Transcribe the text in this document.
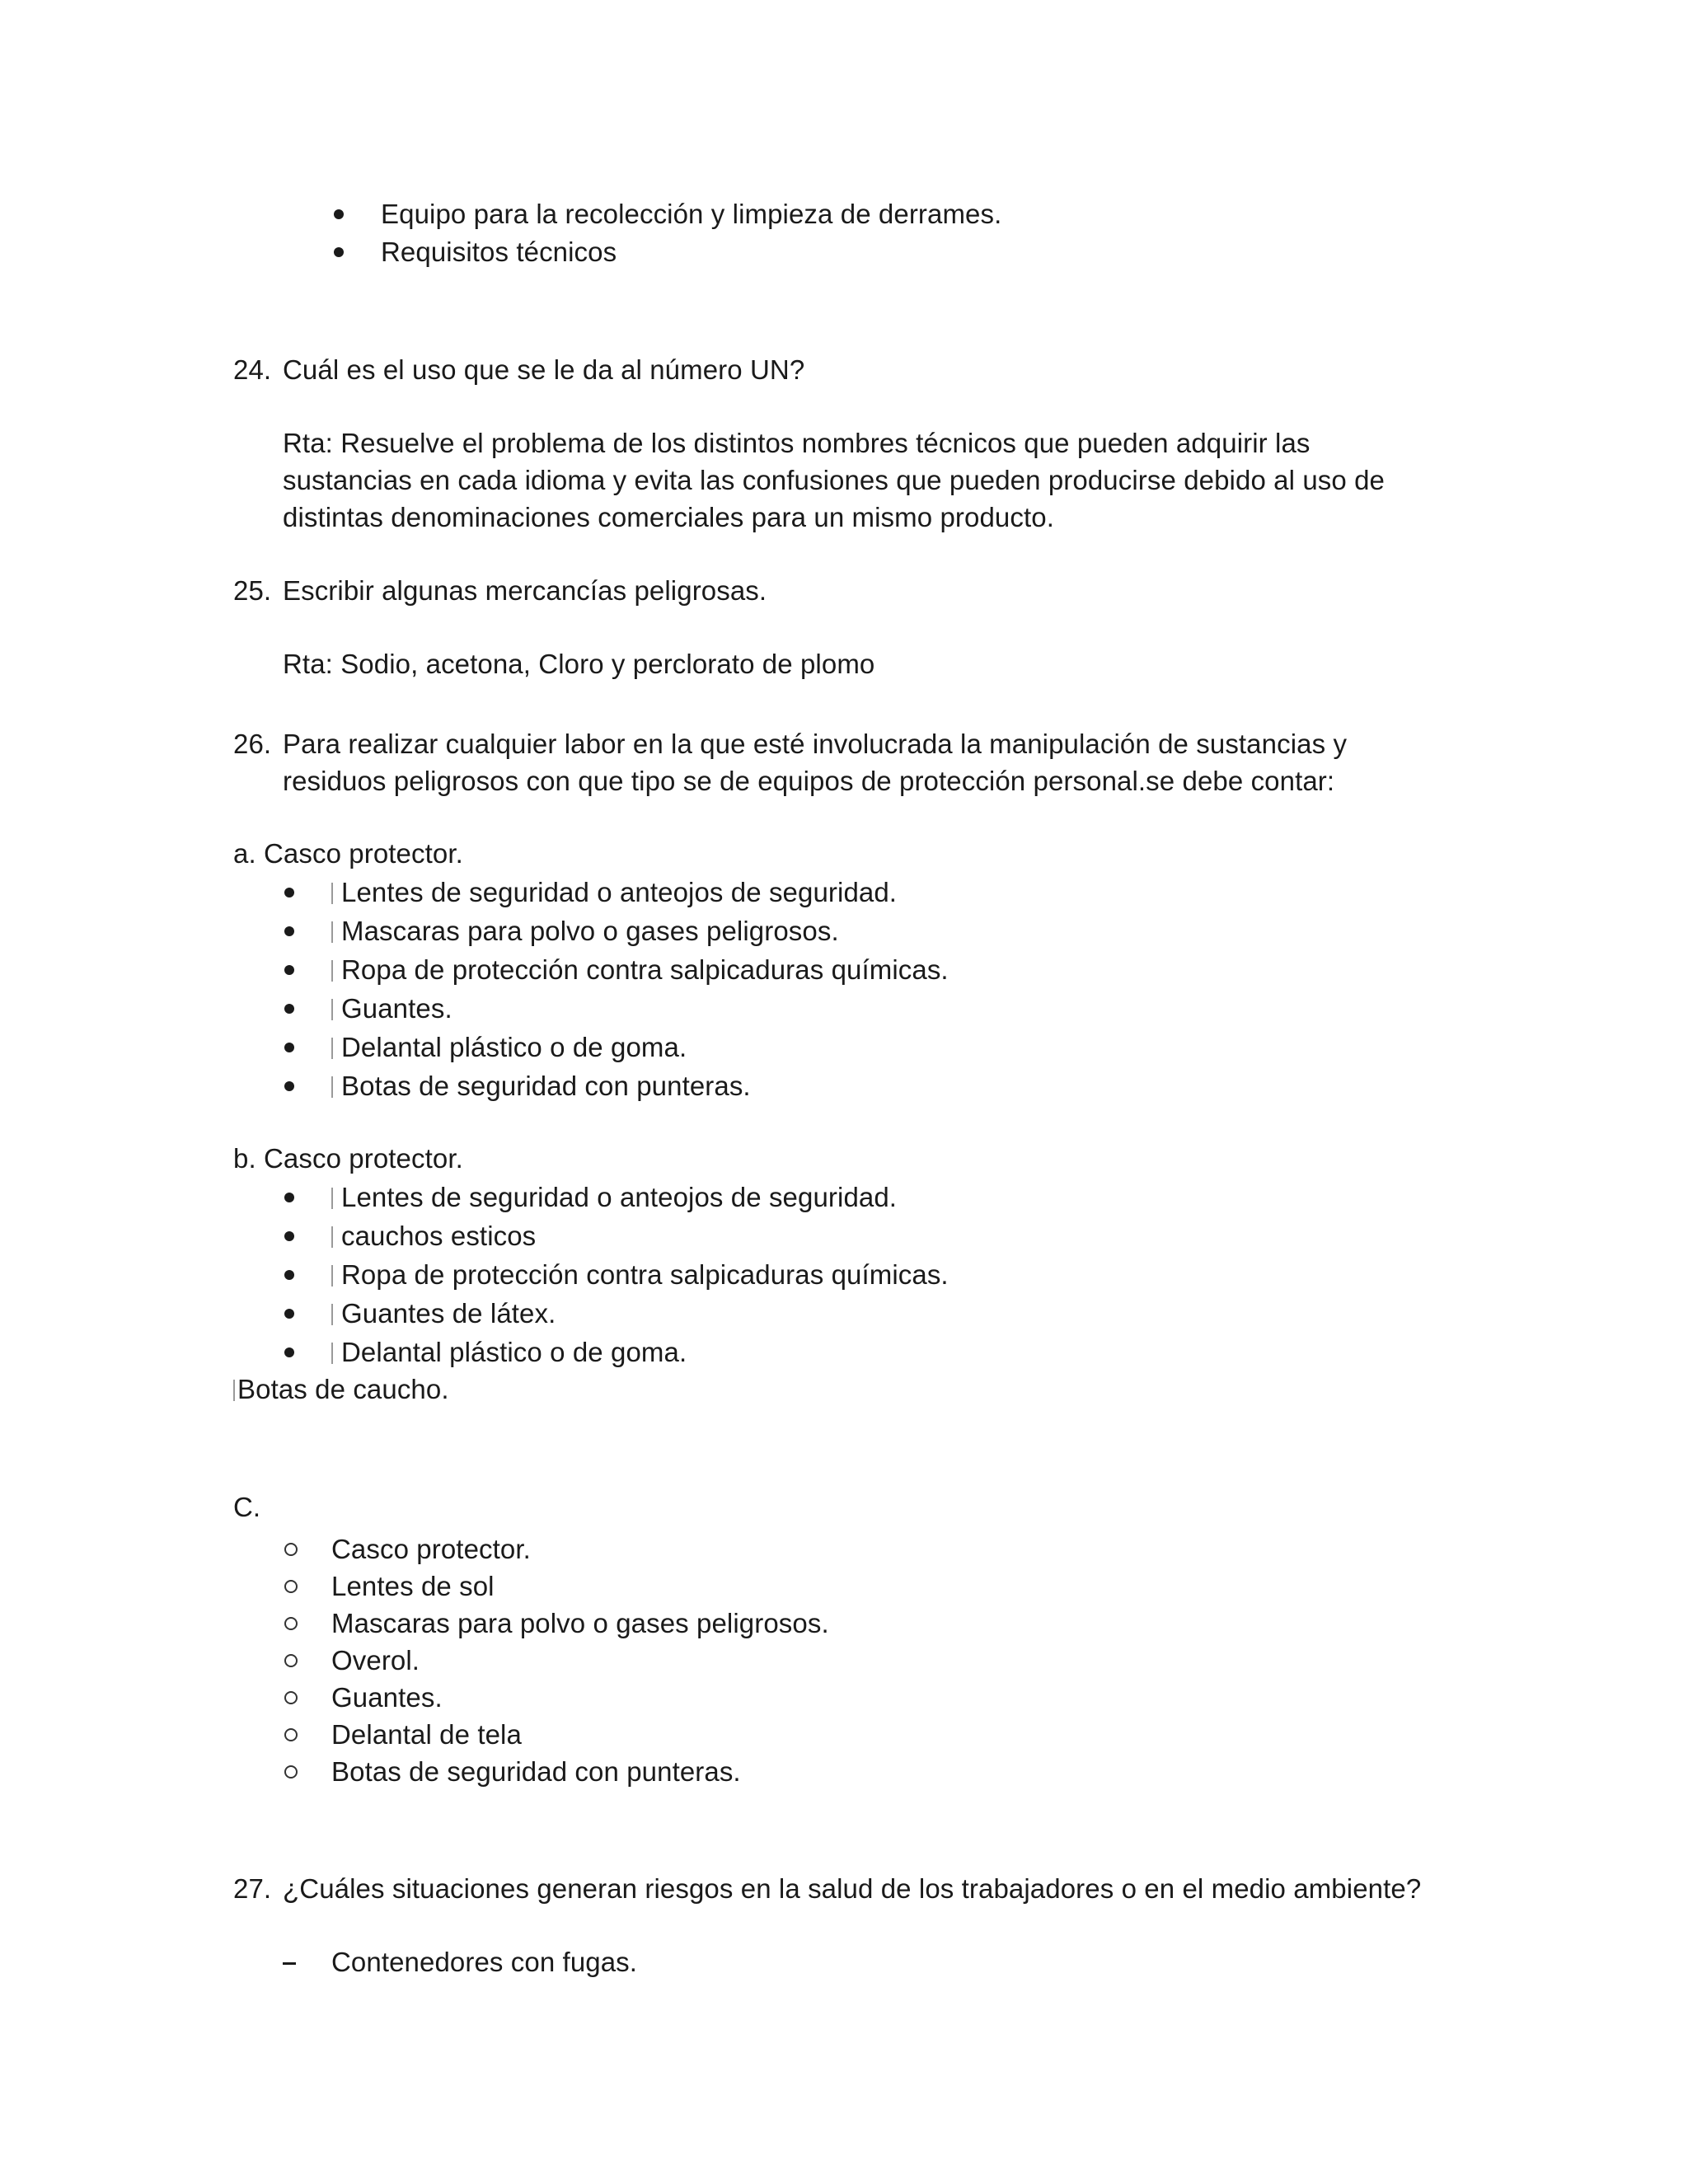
Equipo para la recolección y limpieza de derrames.
Requisitos técnicos
24. Cuál es el uso que se le da al número UN?
Rta: Resuelve el problema de los distintos nombres técnicos que pueden adquirir las
sustancias en cada idioma y evita las confusiones que pueden producirse debido al uso de
distintas denominaciones comerciales para un mismo producto.
25. Escribir algunas mercancías peligrosas.
Rta: Sodio, acetona, Cloro y perclorato de plomo
26. Para realizar cualquier labor en la que esté involucrada la manipulación de sustancias y
residuos peligrosos con que tipo se de equipos de protección personal.se debe contar:
a. Casco protector.
Lentes de seguridad o anteojos de seguridad.
Mascaras para polvo o gases peligrosos.
Ropa de protección contra salpicaduras químicas.
Guantes.
Delantal plástico o de goma.
Botas de seguridad con punteras.
b. Casco protector.
Lentes de seguridad o anteojos de seguridad.
cauchos esticos
Ropa de protección contra salpicaduras químicas.
Guantes de látex.
Delantal plástico o de goma.
Botas de caucho.
C.
Casco protector.
Lentes de sol
Mascaras para polvo o gases peligrosos.
Overol.
Guantes.
Delantal de tela
Botas de seguridad con punteras.
27. ¿Cuáles situaciones generan riesgos en la salud de los trabajadores o en el medio ambiente?
Contenedores con fugas.
